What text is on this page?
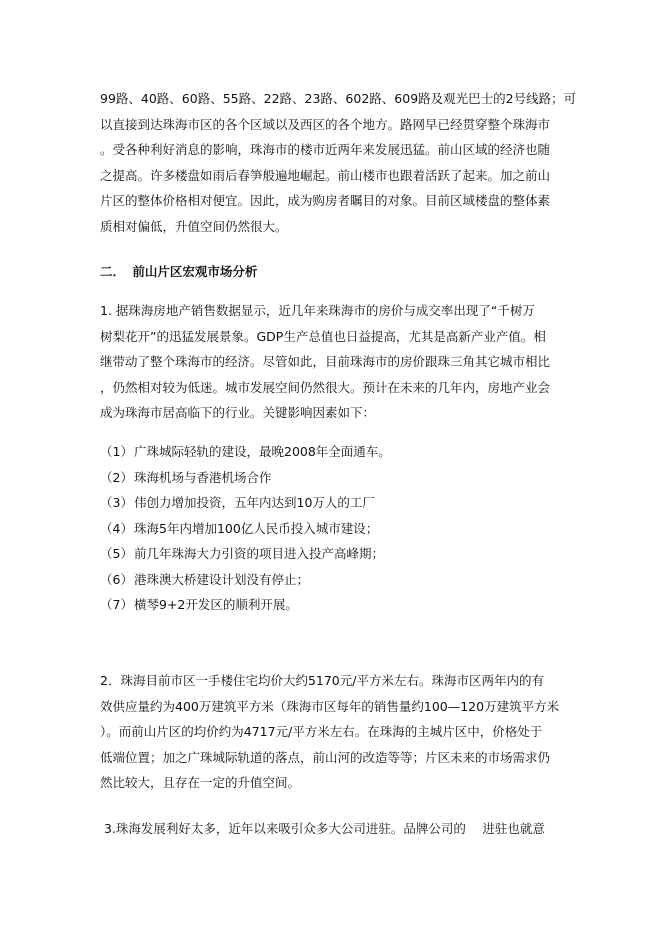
99路、40路、60路、55路、22路、23路、602路、609路及观光巴士的2号线路；可
以直接到达珠海市区的各个区域以及西区的各个地方。路网早已经贯穿整个珠海市
。受各种利好消息的影响，珠海市的楼市近两年来发展迅猛。前山区域的经济也随
之提高。许多楼盘如雨后春笋般遍地崛起。前山楼市也跟着活跃了起来。加之前山
片区的整体价格相对便宜。因此，成为购房者瞩目的对象。目前区域楼盘的整体素
质相对偏低，升值空间仍然很大。
二． 前山片区宏观市场分析
1. 据珠海房地产销售数据显示，近几年来珠海市的房价与成交率出现了“千树万
树梨花开”的迅猛发展景象。GDP生产总值也日益提高，尤其是高新产业产值。相
继带动了整个珠海市的经济。尽管如此，目前珠海市的房价跟珠三角其它城市相比
，仍然相对较为低迷。城市发展空间仍然很大。预计在未来的几年内，房地产业会
成为珠海市居高临下的行业。关键影响因素如下：
（1）广珠城际轻轨的建设，最晚2008年全面通车。
（2）珠海机场与香港机场合作
（3）伟创力增加投资，五年内达到10万人的工厂
（4）珠海5年内增加100亿人民币投入城市建设；
（5）前几年珠海大力引资的项目进入投产高峰期；
（6）港珠澳大桥建设计划没有停止；
（7）横琴9+2开发区的顺利开展。
2．珠海目前市区一手楼住宅均价大约5170元/平方米左右。珠海市区两年内的有
效供应量约为400万建筑平方米（珠海市区每年的销售量约100—120万建筑平方米
）。而前山片区的均价约为4717元/平方米左右。在珠海的主城片区中，价格处于
低端位置；加之广珠城际轨道的落点，前山河的改造等等；片区未来的市场需求仍
然比较大，且存在一定的升值空间。
3.珠海发展利好太多，近年以来吸引众多大公司进驻。品牌公司的　 进驻也就意
